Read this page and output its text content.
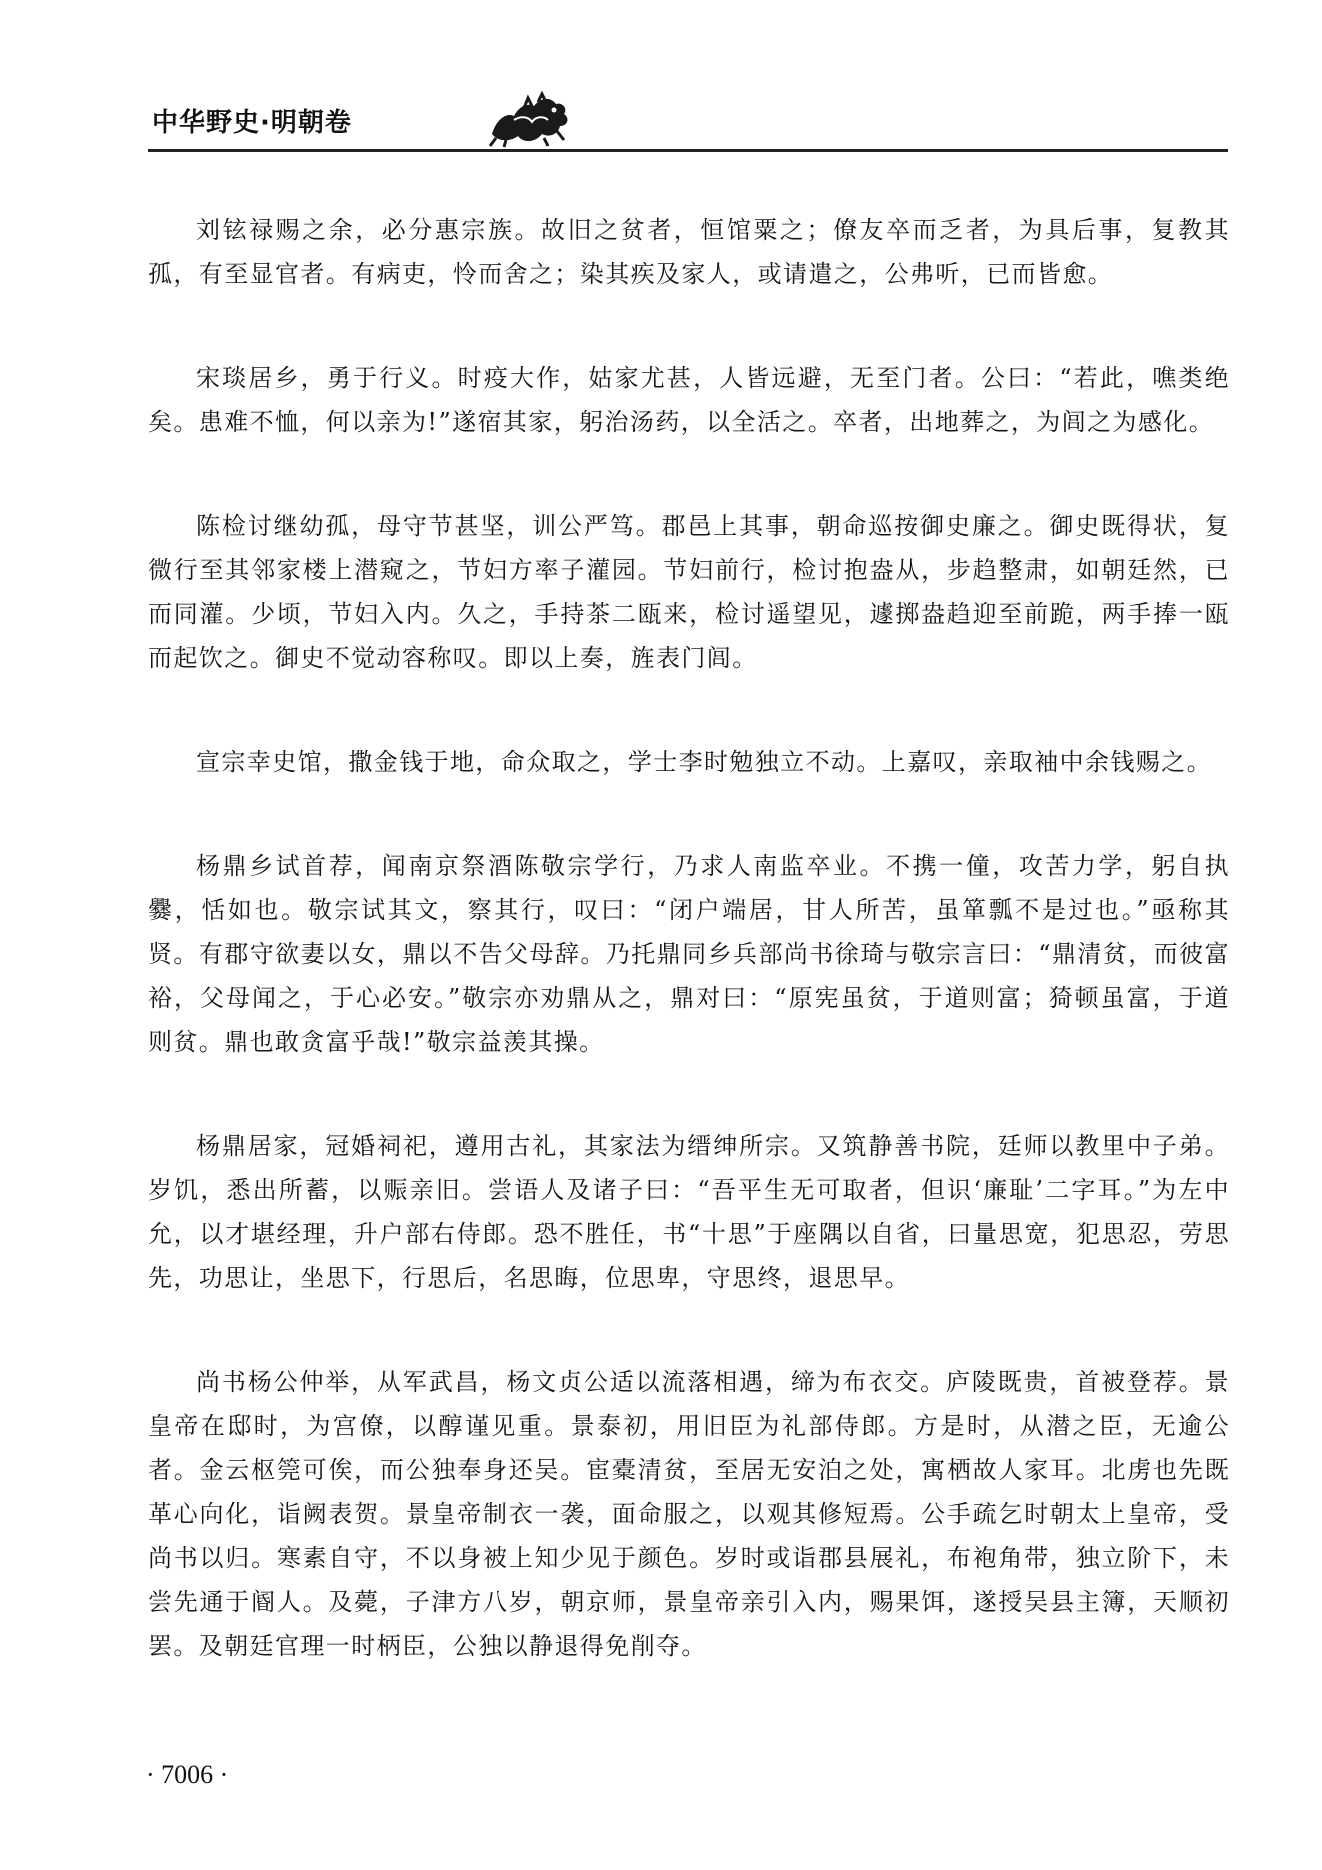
中华野史·明朝卷

刘铉禄赐之余，必分惠宗族。故旧之贫者，恒馆粟之；僚友卒而乏者，为具后事，复教其孤，有至显官者。有病吏，怜而舍之；染其疾及家人，或请遣之，公弗听，已而皆愈。

宋琰居乡，勇于行义。时疫大作，姑家尤甚，人皆远避，无至门者。公曰：“若此，噍类绝矣。患难不恤，何以亲为!”遂宿其家，躬治汤药，以全活之。卒者，出地葬之，为闾之为感化。

陈检讨继幼孤，母守节甚坚，训公严笃。郡邑上其事，朝命巡按御史廉之。御史既得状，复微行至其邻家楼上潜窥之，节妇方率子灌园。节妇前行，检讨抱盎从，步趋整肃，如朝廷然，已而同灌。少顷，节妇入内。久之，手持茶二瓯来，检讨遥望见，遽掷盎趋迎至前跪，两手捧一瓯而起饮之。御史不觉动容称叹。即以上奏，旌表门闾。

宣宗幸史馆，撒金钱于地，命众取之，学士李时勉独立不动。上嘉叹，亲取袖中余钱赐之。

杨鼎乡试首荐，闻南京祭酒陈敬宗学行，乃求人南监卒业。不携一僮，攻苦力学，躬自执爨，恬如也。敬宗试其文，察其行，叹曰：“闭户端居，甘人所苦，虽箪瓢不是过也。”亟称其贤。有郡守欲妻以女，鼎以不告父母辞。乃托鼎同乡兵部尚书徐琦与敬宗言曰：“鼎清贫，而彼富裕，父母闻之，于心必安。”敬宗亦劝鼎从之，鼎对曰：“原宪虽贫，于道则富；猗顿虽富，于道则贫。鼎也敢贪富乎哉!”敬宗益羡其操。

杨鼎居家，冠婚祠祀，遵用古礼，其家法为缙绅所宗。又筑静善书院，廷师以教里中子弟。岁饥，悉出所蓄，以赈亲旧。尝语人及诸子曰：“吾平生无可取者，但识‘廉耻’二字耳。”为左中允，以才堪经理，升户部右侍郎。恐不胜任，书“十思”于座隅以自省，曰量思宽，犯思忍，劳思先，功思让，坐思下，行思后，名思晦，位思卑，守思终，退思早。

尚书杨公仲举，从军武昌，杨文贞公适以流落相遇，缔为布衣交。庐陵既贵，首被登荐。景皇帝在邸时，为宫僚，以醇谨见重。景泰初，用旧臣为礼部侍郎。方是时，从潜之臣，无逾公者。金云枢筦可俟，而公独奉身还吴。宦橐清贫，至居无安泊之处，寓栖故人家耳。北虏也先既革心向化，诣阙表贺。景皇帝制衣一袭，面命服之，以观其修短焉。公手疏乞时朝太上皇帝，受尚书以归。寒素自守，不以身被上知少见于颜色。岁时或诣郡县展礼，布袍角带，独立阶下，未尝先通于阍人。及薨，子津方八岁，朝京师，景皇帝亲引入内，赐果饵，遂授吴县主簿，天顺初罢。及朝廷官理一时柄臣，公独以静退得免削夺。

· 7006 ·
